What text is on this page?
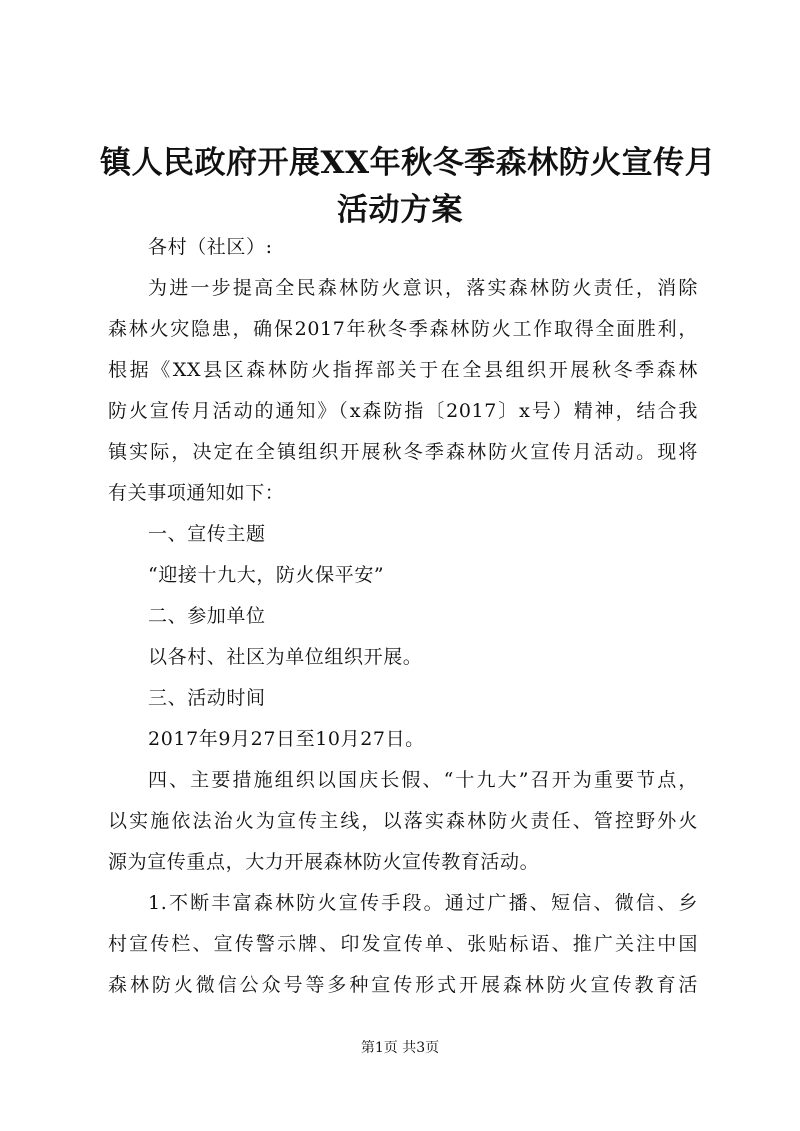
镇人民政府开展XX年秋冬季森林防火宣传月
活动方案
各村（社区）:
为进一步提高全民森林防火意识，落实森林防火责任，消除
森林火灾隐患，确保2017年秋冬季森林防火工作取得全面胜利，
根据《XX县区森林防火指挥部关于在全县组织开展秋冬季森林
防火宣传月活动的通知》（x森防指〔2017〕x号）精神，结合我
镇实际，决定在全镇组织开展秋冬季森林防火宣传月活动。现将
有关事项通知如下：
一、宣传主题
“迎接十九大，防火保平安”
二、参加单位
以各村、社区为单位组织开展。
三、活动时间
2017年9月27日至10月27日。
四、主要措施组织以国庆长假、“十九大”召开为重要节点，
以实施依法治火为宣传主线，以落实森林防火责任、管控野外火
源为宣传重点，大力开展森林防火宣传教育活动。
1.不断丰富森林防火宣传手段。通过广播、短信、微信、乡
村宣传栏、宣传警示牌、印发宣传单、张贴标语、推广关注中国
森林防火微信公众号等多种宣传形式开展森林防火宣传教育活
第1页 共3页
